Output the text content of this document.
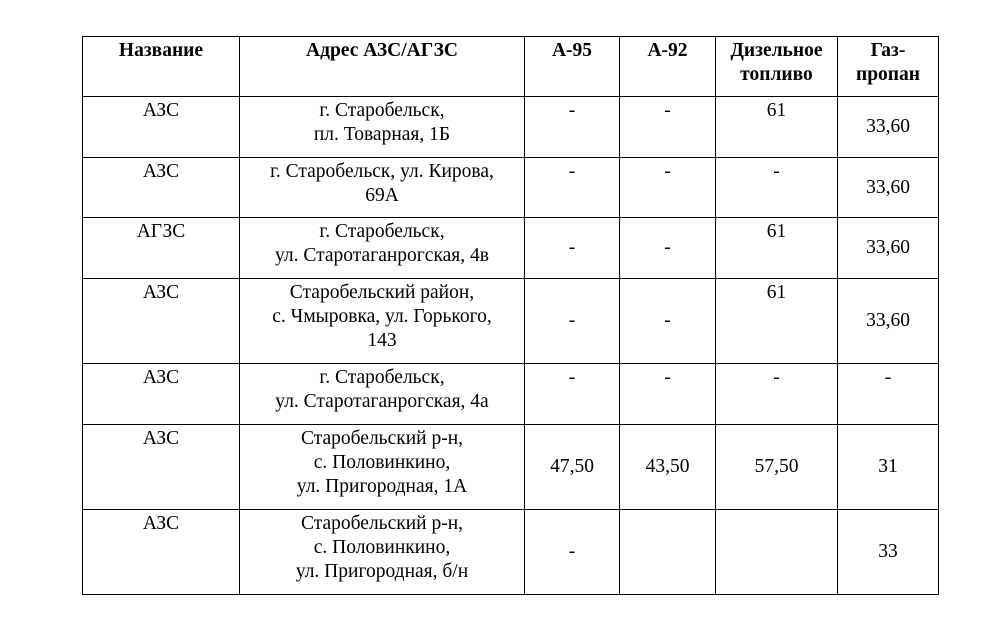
Название	Адрес АЗС/АГЗС	А-95	А-92	Дизельное
топливо	Газ-
пропан

АЗС	г. Старобельск,
пл. Товарная, 1Б	-	-	61	33,60
АЗС	г. Старобельск, ул. Кирова,
69А	-	-	-	33,60
АГЗС	г. Старобельск,
ул. Старотаганрогская, 4в	-	-	61	33,60
АЗС	Старобельский район,
с. Чмыровка, ул. Горького,
143	-	-	61	33,60
АЗС	г. Старобельск,
ул. Старотаганрогская, 4а	-	-	-	-
АЗС	Старобельский р-н,
с. Половинкино,
ул. Пригородная, 1А	47,50	43,50	57,50	31
АЗС	Старобельский р-н,
с. Половинкино,
ул. Пригородная, б/н	-			33
